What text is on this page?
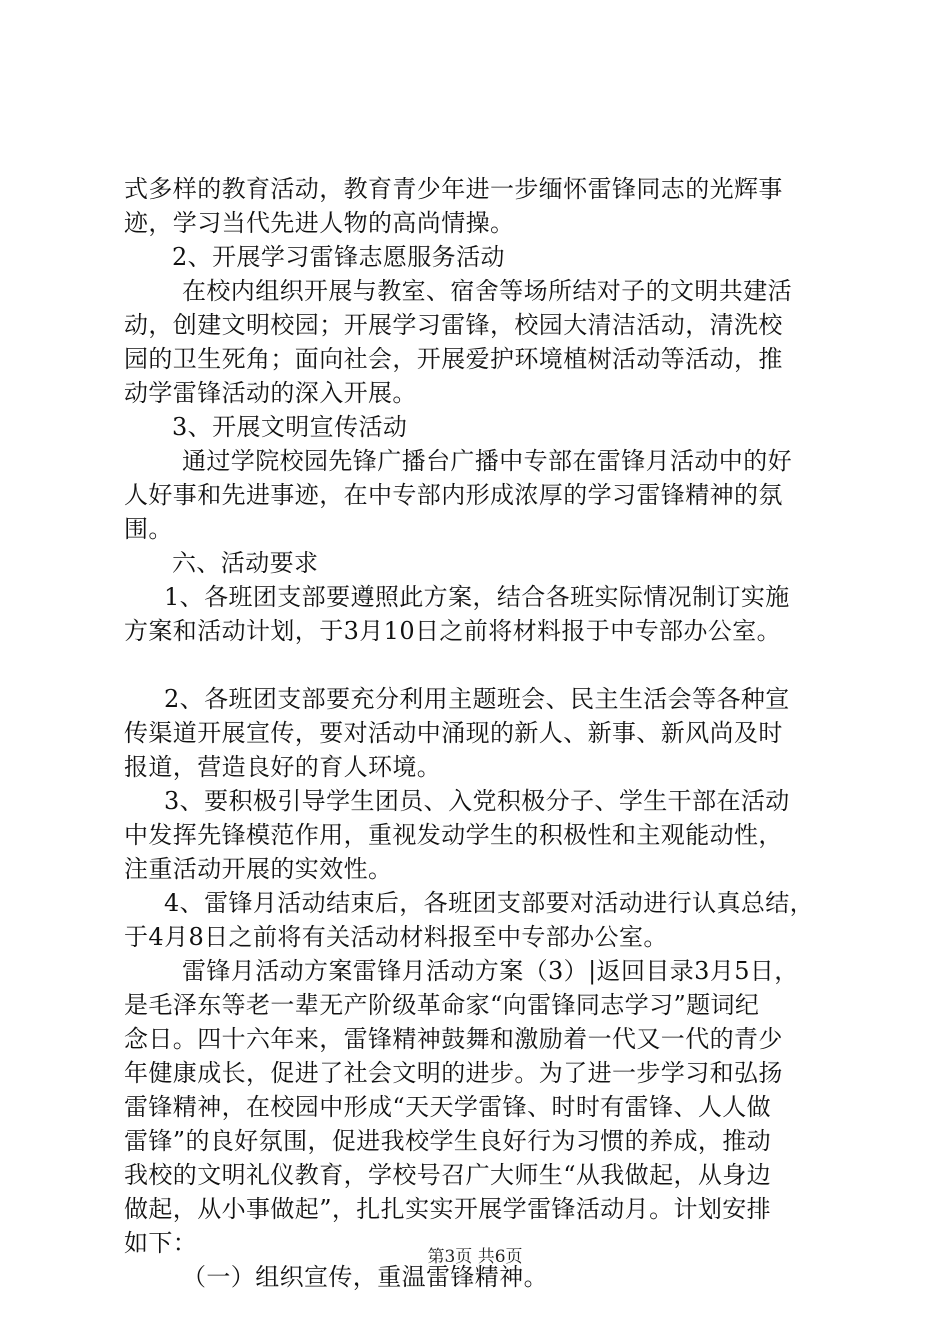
式多样的教育活动，教育青少年进一步缅怀雷锋同志的光辉事
迹，学习当代先进人物的高尚情操。
2、开展学习雷锋志愿服务活动
在校内组织开展与教室、宿舍等场所结对子的文明共建活
动，创建文明校园；开展学习雷锋，校园大清洁活动，清洗校
园的卫生死角；面向社会，开展爱护环境植树活动等活动，推
动学雷锋活动的深入开展。
3、开展文明宣传活动
通过学院校园先锋广播台广播中专部在雷锋月活动中的好
人好事和先进事迹，在中专部内形成浓厚的学习雷锋精神的氛
围。
六、活动要求
1、各班团支部要遵照此方案，结合各班实际情况制订实施
方案和活动计划，于3月10日之前将材料报于中专部办公室。
2、各班团支部要充分利用主题班会、民主生活会等各种宣
传渠道开展宣传，要对活动中涌现的新人、新事、新风尚及时
报道，营造良好的育人环境。
3、要积极引导学生团员、入党积极分子、学生干部在活动
中发挥先锋模范作用，重视发动学生的积极性和主观能动性，
注重活动开展的实效性。
4、雷锋月活动结束后，各班团支部要对活动进行认真总结，
于4月8日之前将有关活动材料报至中专部办公室。
雷锋月活动方案雷锋月活动方案（3）|返回目录3月5日，
是毛泽东等老一辈无产阶级革命家“向雷锋同志学习”题词纪
念日。四十六年来，雷锋精神鼓舞和激励着一代又一代的青少
年健康成长，促进了社会文明的进步。为了进一步学习和弘扬
雷锋精神，在校园中形成“天天学雷锋、时时有雷锋、人人做
雷锋”的良好氛围，促进我校学生良好行为习惯的养成，推动
我校的文明礼仪教育，学校号召广大师生“从我做起，从身边
做起，从小事做起”，扎扎实实开展学雷锋活动月。计划安排
如下：
（一）组织宣传，重温雷锋精神。
第3页 共6页
